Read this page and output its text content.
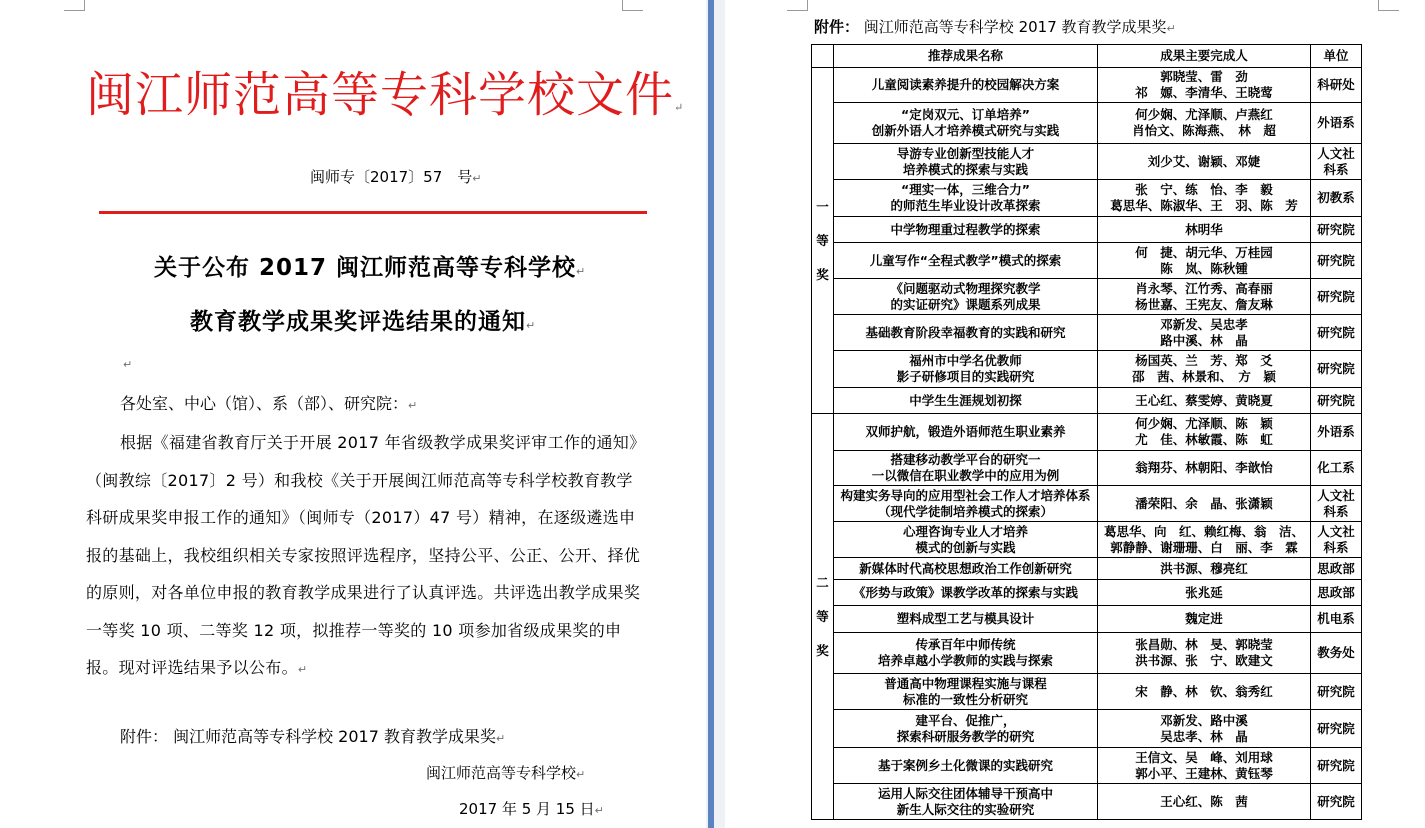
闽江师范高等专科学校文件↵
闽师专〔2017〕57　号↵
关于公布 2017 闽江师范高等专科学校↵
教育教学成果奖评选结果的通知↵
↵
各处室、中心（馆）、系（部）、研究院：↵
根据《福建省教育厅关于开展 2017 年省级教学成果奖评审工作的通知》（闽教综〔2017〕2 号）和我校《关于开展闽江师范高等专科学校教育教学科研成果奖申报工作的通知》（闽师专（2017）47 号）精神，在逐级遴选申报的基础上，我校组织相关专家按照评选程序，坚持公平、公正、公开、择优的原则，对各单位申报的教育教学成果进行了认真评选。共评选出教学成果奖一等奖 10 项、二等奖 12 项，拟推荐一等奖的 10 项参加省级成果奖的申报。现对评选结果予以公布。↵
附件： 闽江师范高等专科学校 2017 教育教学成果奖↵
闽江师范高等专科学校↵
2017 年 5 月 15 日↵
附件： 闽江师范高等专科学校 2017 教育教学成果奖↵
	推荐成果名称	成果主要完成人	单位

一
等
奖	儿童阅读素养提升的校园解决方案	郭晓莹、雷　劲
祁　嫄、李清华、王晓莺	科研处

	“定岗双元、订单培养”
创新外语人才培养模式研究与实践	何少娴、尤泽顺、卢燕红
肖怡文、陈海燕、　林　超	外语系

	导游专业创新型技能人才
培养模式的探索与实践	刘少艾、谢颖、邓婕	人文社
科系

	“理实一体，三维合力”
的师范生毕业设计改革探索	张　宁、练　怡、李　毅
葛思华、陈淑华、王　羽、陈　芳	初教系

	中学物理重过程教学的探索	林明华	研究院

	儿童写作“全程式教学”模式的探索	何　捷、胡元华、万桂园
陈　岚、陈秋锺	研究院

	《问题驱动式物理探究教学
的实证研究》课题系列成果	肖永琴、江竹秀、高春丽
杨世嘉、王宪友、詹友琳	研究院

	基础教育阶段幸福教育的实践和研究	邓新发、吴忠孝
路中溪、林　晶	研究院

	福州市中学名优教师
影子研修项目的实践研究	杨国英、兰　芳、郑　爻
邵　茜、林景和、　方　颖	研究院

	中学生生涯规划初探	王心红、蔡雯婷、黄晓夏	研究院

二
等
奖	双师护航，锻造外语师范生职业素养	何少娴、尤泽顺、陈　颖
尤　佳、林敏霞、陈　虹	外语系

	搭建移动教学平台的研究一
一以微信在职业教学中的应用为例	翁翔芬、林朝阳、李歆怡	化工系

	构建实务导向的应用型社会工作人才培养体系
（现代学徒制培养模式的探索）	潘荣阳、余　晶、张潇颖	人文社
科系

	心理咨询专业人才培养
模式的创新与实践	葛思华、向　红、赖红梅、翁　洁、
郭静静、谢珊珊、白　丽、李　霖	人文社
科系

	新媒体时代高校思想政治工作创新研究	洪书源、穆亮红	思政部

	《形势与政策》课教学改革的探索与实践	张兆延	思政部

	塑料成型工艺与模具设计	魏定进	机电系

	传承百年中师传统
培养卓越小学教师的实践与探索	张昌勋、林　旻、郭晓莹
洪书源、张　宁、欧建文	教务处

	普通高中物理课程实施与课程
标准的一致性分析研究	宋　静、林　钦、翁秀红	研究院

	建平台、促推广，
探索科研服务教学的研究	邓新发、路中溪
吴忠孝、林　晶	研究院

	基于案例乡土化微课的实践研究	王信文、吴　峰、刘用球
郭小平、王建林、黄钰琴	研究院

	运用人际交往团体辅导干预高中
新生人际交往的实验研究	王心红、陈　茜	研究院
